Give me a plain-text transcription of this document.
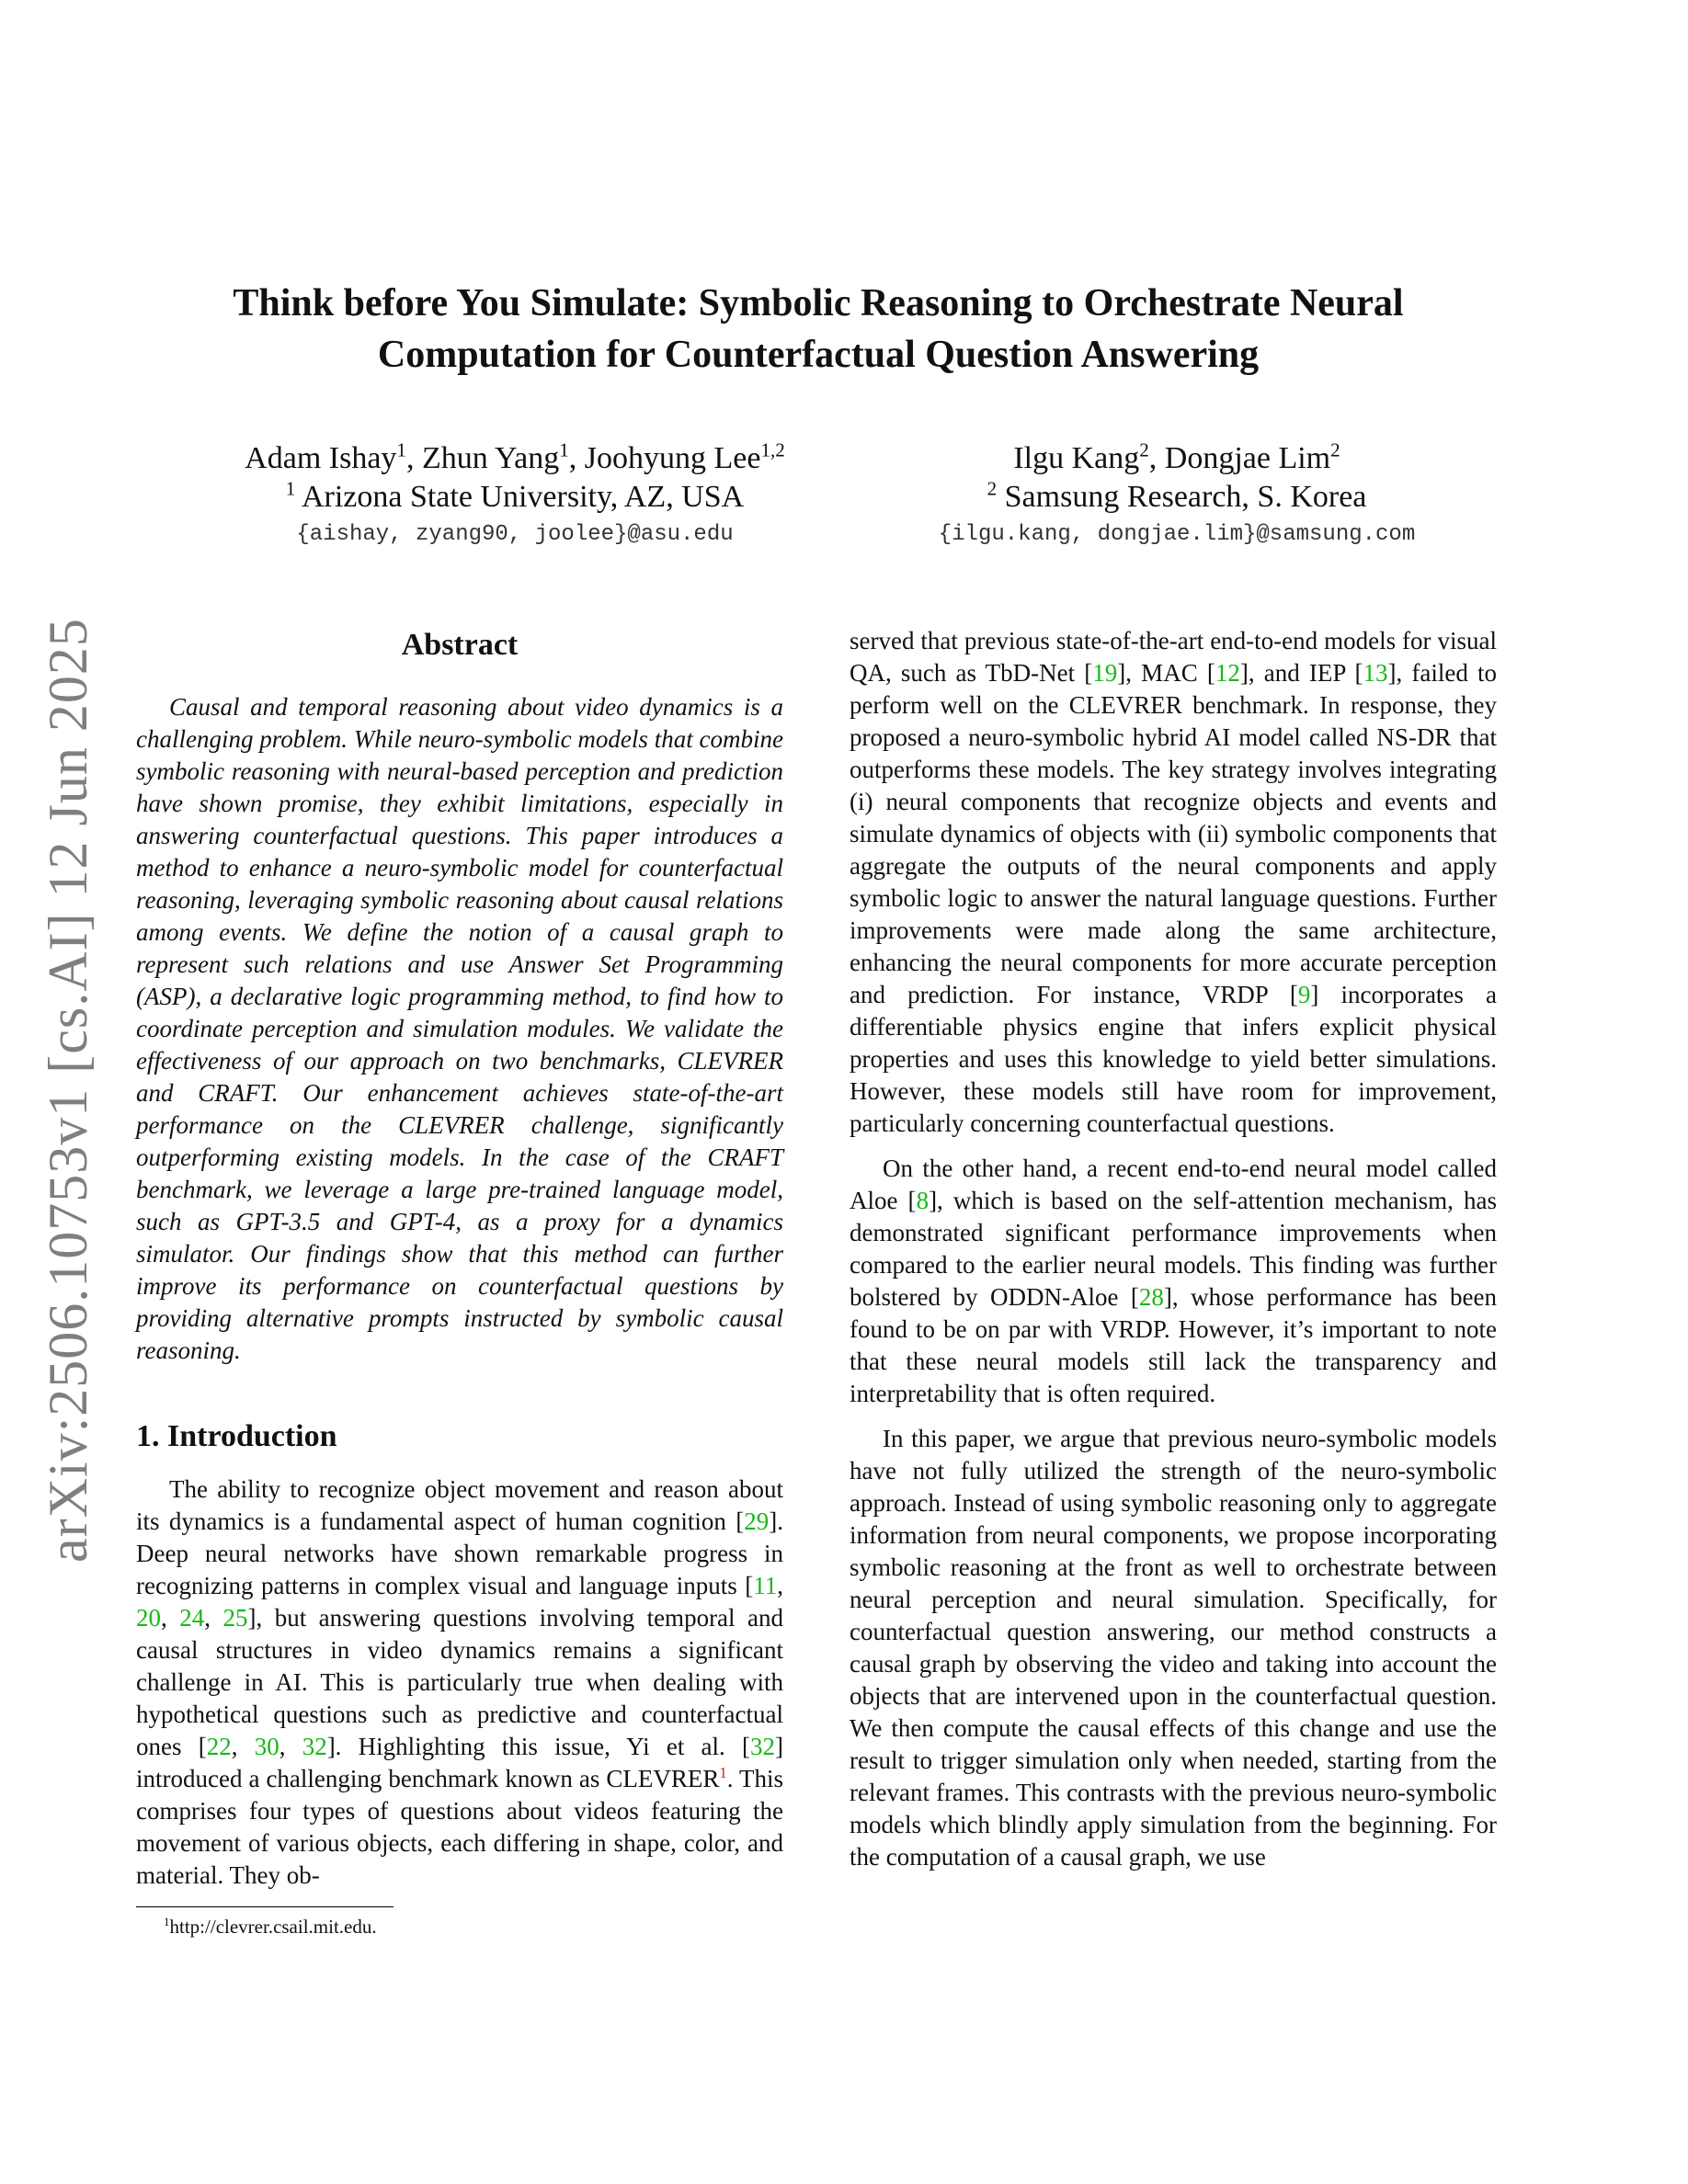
arXiv:2506.10753v1 [cs.AI] 12 Jun 2025
Think before You Simulate: Symbolic Reasoning to Orchestrate Neural
Computation for Counterfactual Question Answering
Adam Ishay$^1$, Zhun Yang$^1$, Joohyung Lee$^{1,2}$
$^1$ Arizona State University, AZ, USA
{aishay, zyang90, joolee}@asu.edu
Ilgu Kang$^2$, Dongjae Lim$^2$
$^2$ Samsung Research, S. Korea
{ilgu.kang, dongjae.lim}@samsung.com
Abstract

Causal and temporal reasoning about video dynamics is a challenging problem. While neuro-symbolic models that combine symbolic reasoning with neural-based perception and prediction have shown promise, they exhibit limitations, especially in answering counterfactual questions. This paper introduces a method to enhance a neuro-symbolic model for counterfactual reasoning, leveraging symbolic reasoning about causal relations among events. We define the notion of a causal graph to represent such relations and use Answer Set Programming (ASP), a declarative logic programming method, to find how to coordinate perception and simulation modules. We validate the effectiveness of our approach on two benchmarks, CLEVRER and CRAFT. Our enhancement achieves state-of-the-art performance on the CLEVRER challenge, significantly outperforming existing models. In the case of the CRAFT benchmark, we leverage a large pre-trained language model, such as GPT-3.5 and GPT-4, as a proxy for a dynamics simulator. Our findings show that this method can further improve its performance on counterfactual questions by providing alternative prompts instructed by symbolic causal reasoning.

1. Introduction

The ability to recognize object movement and reason about its dynamics is a fundamental aspect of human cognition [29]. Deep neural networks have shown remarkable progress in recognizing patterns in complex visual and language inputs [11, 20, 24, 25], but answering questions involving temporal and causal structures in video dynamics remains a significant challenge in AI. This is particularly true when dealing with hypothetical questions such as predictive and counterfactual ones [22, 30, 32]. Highlighting this issue, Yi et al. [32] introduced a challenging benchmark known as CLEVRER$^1$. This comprises four types of questions about videos featuring the movement of various objects, each differing in shape, color, and material. They ob-

$^1$http://clevrer.csail.mit.edu.

served that previous state-of-the-art end-to-end models for visual QA, such as TbD-Net [19], MAC [12], and IEP [13], failed to perform well on the CLEVRER benchmark. In response, they proposed a neuro-symbolic hybrid AI model called NS-DR that outperforms these models. The key strategy involves integrating (i) neural components that recognize objects and events and simulate dynamics of objects with (ii) symbolic components that aggregate the outputs of the neural components and apply symbolic logic to answer the natural language questions. Further improvements were made along the same architecture, enhancing the neural components for more accurate perception and prediction. For instance, VRDP [9] incorporates a differentiable physics engine that infers explicit physical properties and uses this knowledge to yield better simulations. However, these models still have room for improvement, particularly concerning counterfactual questions.

On the other hand, a recent end-to-end neural model called Aloe [8], which is based on the self-attention mechanism, has demonstrated significant performance improvements when compared to the earlier neural models. This finding was further bolstered by ODDN-Aloe [28], whose performance has been found to be on par with VRDP. However, it’s important to note that these neural models still lack the transparency and interpretability that is often required.

In this paper, we argue that previous neuro-symbolic models have not fully utilized the strength of the neuro-symbolic approach. Instead of using symbolic reasoning only to aggregate information from neural components, we propose incorporating symbolic reasoning at the front as well to orchestrate between neural perception and neural simulation. Specifically, for counterfactual question answering, our method constructs a causal graph by observing the video and taking into account the objects that are intervened upon in the counterfactual question. We then compute the causal effects of this change and use the result to trigger simulation only when needed, starting from the relevant frames. This contrasts with the previous neuro-symbolic models which blindly apply simulation from the beginning. For the computation of a causal graph, we use
